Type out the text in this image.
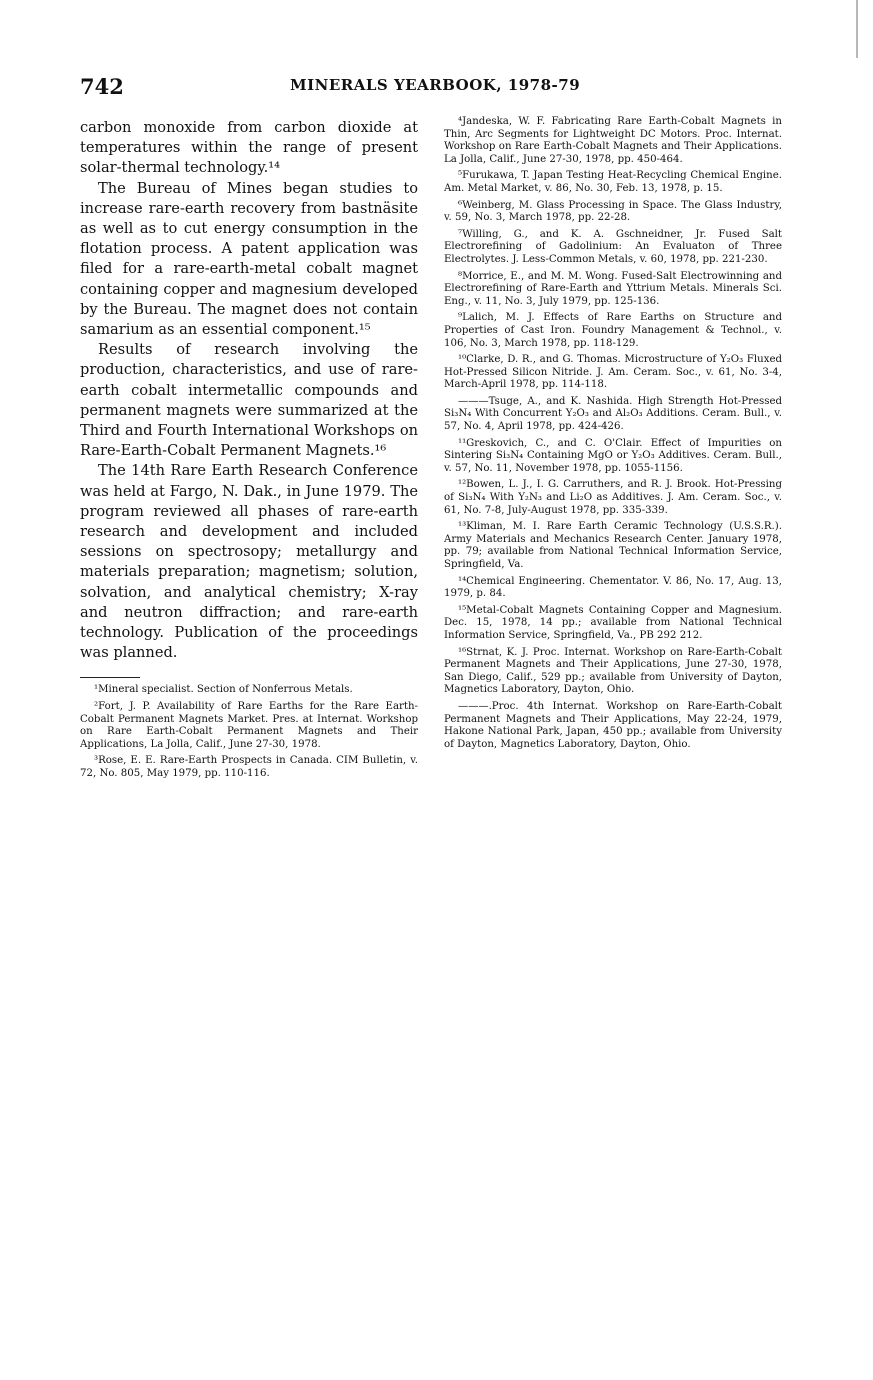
742	MINERALS YEARBOOK, 1978-79

carbon monoxide from carbon dioxide at temperatures within the range of present solar-thermal technology.¹⁴

The Bureau of Mines began studies to increase rare-earth recovery from bastnäsite as well as to cut energy consumption in the flotation process. A patent application was filed for a rare-earth-metal cobalt magnet containing copper and magnesium developed by the Bureau. The magnet does not contain samarium as an essential component.¹⁵

Results of research involving the production, characteristics, and use of rare-earth cobalt intermetallic compounds and permanent magnets were summarized at the Third and Fourth International Workshops on Rare-Earth-Cobalt Permanent Magnets.¹⁶

The 14th Rare Earth Research Conference was held at Fargo, N. Dak., in June 1979. The program reviewed all phases of rare-earth research and development and included sessions on spectrosopy; metallurgy and materials preparation; magnetism; solution, solvation, and analytical chemistry; X-ray and neutron diffraction; and rare-earth technology. Publication of the proceedings was planned.

¹Mineral specialist. Section of Nonferrous Metals.

²Fort, J. P. Availability of Rare Earths for the Rare Earth-Cobalt Permanent Magnets Market. Pres. at Internat. Workshop on Rare Earth-Cobalt Permanent Magnets and Their Applications, La Jolla, Calif., June 27-30, 1978.

³Rose, E. E. Rare-Earth Prospects in Canada. CIM Bulletin, v. 72, No. 805, May 1979, pp. 110-116.

⁴Jandeska, W. F. Fabricating Rare Earth-Cobalt Magnets in Thin, Arc Segments for Lightweight DC Motors. Proc. Internat. Workshop on Rare Earth-Cobalt Magnets and Their Applications. La Jolla, Calif., June 27-30, 1978, pp. 450-464.

⁵Furukawa, T. Japan Testing Heat-Recycling Chemical Engine. Am. Metal Market, v. 86, No. 30, Feb. 13, 1978, p. 15.

⁶Weinberg, M. Glass Processing in Space. The Glass Industry, v. 59, No. 3, March 1978, pp. 22-28.

⁷Willing, G., and K. A. Gschneidner, Jr. Fused Salt Electrorefining of Gadolinium: An Evaluaton of Three Electrolytes. J. Less-Common Metals, v. 60, 1978, pp. 221-230.

⁸Morrice, E., and M. M. Wong. Fused-Salt Electrowinning and Electrorefining of Rare-Earth and Yttrium Metals. Minerals Sci. Eng., v. 11, No. 3, July 1979, pp. 125-136.

⁹Lalich, M. J. Effects of Rare Earths on Structure and Properties of Cast Iron. Foundry Management & Technol., v. 106, No. 3, March 1978, pp. 118-129.

¹⁰Clarke, D. R., and G. Thomas. Microstructure of Y₂O₃ Fluxed Hot-Pressed Silicon Nitride. J. Am. Ceram. Soc., v. 61, No. 3-4, March-April 1978, pp. 114-118.

———Tsuge, A., and K. Nashida. High Strength Hot-Pressed Si₃N₄ With Concurrent Y₂O₃ and Al₂O₃ Additions. Ceram. Bull., v. 57, No. 4, April 1978, pp. 424-426.

¹¹Greskovich, C., and C. O'Clair. Effect of Impurities on Sintering Si₃N₄ Containing MgO or Y₂O₃ Additives. Ceram. Bull., v. 57, No. 11, November 1978, pp. 1055-1156.

¹²Bowen, L. J., I. G. Carruthers, and R. J. Brook. Hot-Pressing of Si₃N₄ With Y₂N₃ and Li₂O as Additives. J. Am. Ceram. Soc., v. 61, No. 7-8, July-August 1978, pp. 335-339.

¹³Kliman, M. I. Rare Earth Ceramic Technology (U.S.S.R.). Army Materials and Mechanics Research Center. January 1978, pp. 79; available from National Technical Information Service, Springfield, Va.

¹⁴Chemical Engineering. Chementator. V. 86, No. 17, Aug. 13, 1979, p. 84.

¹⁵Metal-Cobalt Magnets Containing Copper and Magnesium. Dec. 15, 1978, 14 pp.; available from National Technical Information Service, Springfield, Va., PB 292 212.

¹⁶Strnat, K. J. Proc. Internat. Workshop on Rare-Earth-Cobalt Permanent Magnets and Their Applications, June 27-30, 1978, San Diego, Calif., 529 pp.; available from University of Dayton, Magnetics Laboratory, Dayton, Ohio.

———.Proc. 4th Internat. Workshop on Rare-Earth-Cobalt Permanent Magnets and Their Applications, May 22-24, 1979, Hakone National Park, Japan, 450 pp.; available from University of Dayton, Magnetics Laboratory, Dayton, Ohio.
